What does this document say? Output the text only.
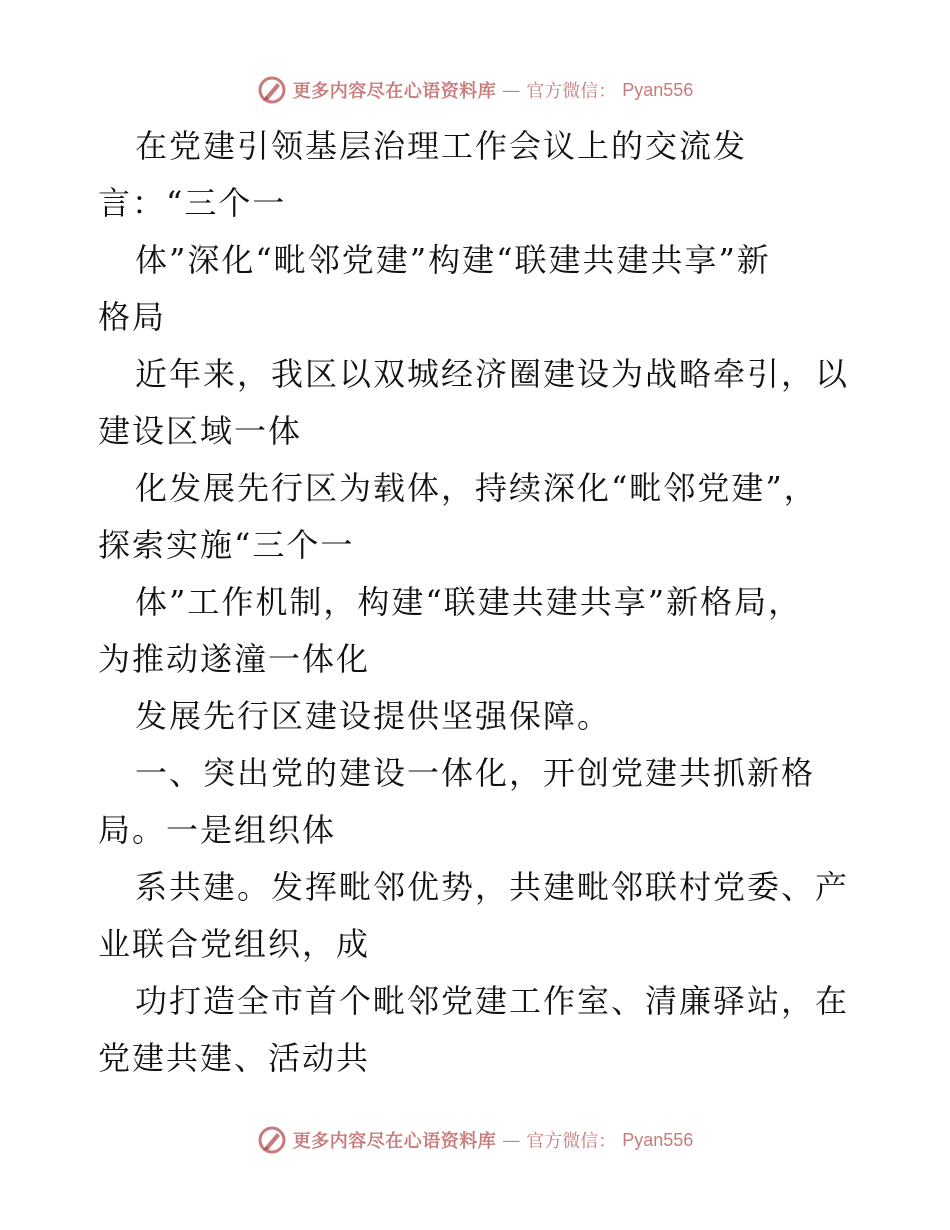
更多内容尽在心语资料库 — 官方微信： Pyan556
在党建引领基层治理工作会议上的交流发
言：“三个一
体”深化“毗邻党建”构建“联建共建共享”新
格局
近年来，我区以双城经济圈建设为战略牵引，以
建设区域一体
化发展先行区为载体，持续深化“毗邻党建”，
探索实施“三个一
体”工作机制，构建“联建共建共享”新格局，
为推动遂潼一体化
发展先行区建设提供坚强保障。
一、突出党的建设一体化，开创党建共抓新格
局。一是组织体
系共建。发挥毗邻优势，共建毗邻联村党委、产
业联合党组织，成
功打造全市首个毗邻党建工作室、清廉驿站，在
党建共建、活动共
更多内容尽在心语资料库 — 官方微信： Pyan556
